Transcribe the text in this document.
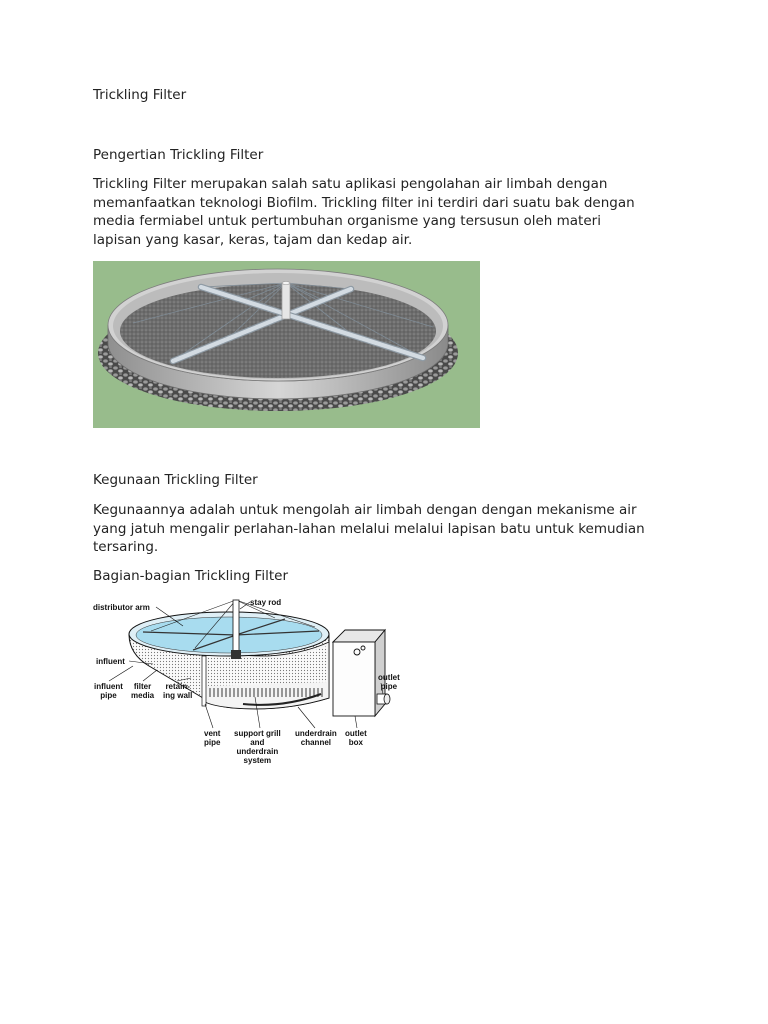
Trickling Filter
Pengertian Trickling Filter
Trickling Filter merupakan salah satu aplikasi pengolahan air limbah dengan
memanfaatkan teknologi Biofilm. Trickling filter ini terdiri dari suatu bak dengan
media fermiabel untuk pertumbuhan organisme yang tersusun oleh materi
lapisan yang kasar, keras, tajam dan kedap air.
Kegunaan Trickling Filter
Kegunaannya adalah untuk mengolah air limbah dengan dengan mekanisme air
yang jatuh mengalir perlahan-lahan melalui melalui lapisan batu untuk kemudian
tersaring.
Bagian-bagian Trickling Filter
distributor arm
stay rod
influent
influent
pipe
filter
media
retain-
ing wall
vent
pipe
support grill
and
underdrain
system
underdrain
channel
outlet
box
outlet
pipe
